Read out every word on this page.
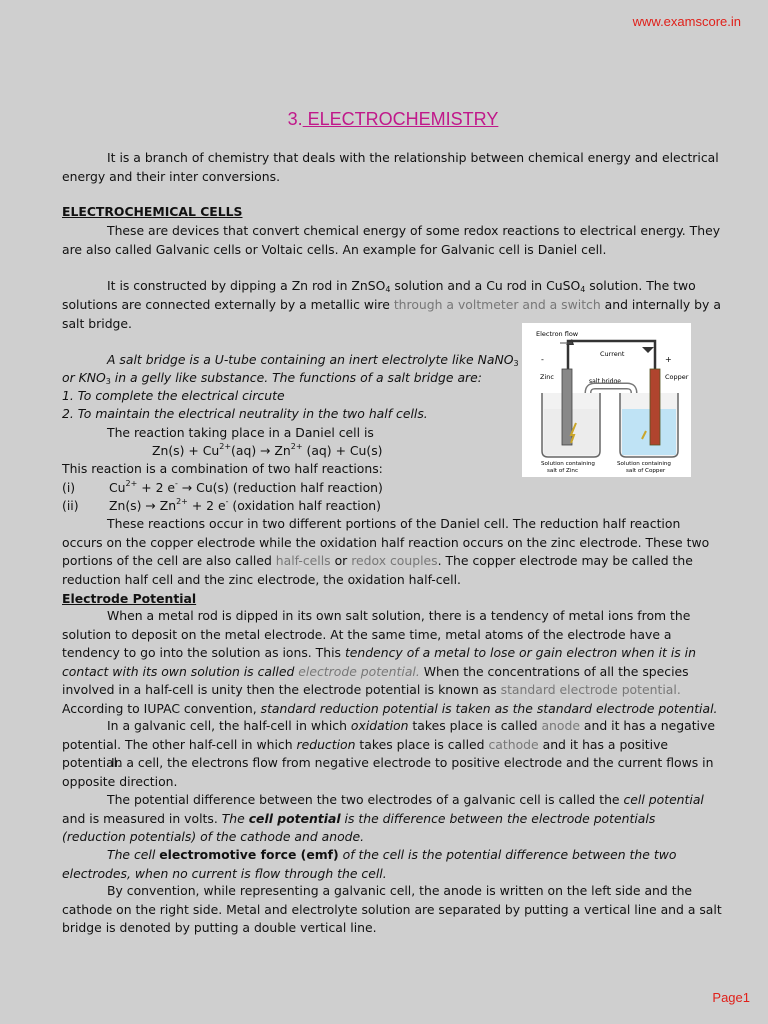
www.examscore.in
3. ELECTROCHEMISTRY
It is a branch of chemistry that deals with the relationship between chemical energy and electrical energy and their inter conversions.
ELECTROCHEMICAL CELLS
These are devices that convert chemical energy of some redox reactions to electrical energy. They are also called Galvanic cells or Voltaic cells. An example for Galvanic cell is Daniel cell.
It is constructed by dipping a Zn rod in ZnSO4 solution and a Cu rod in CuSO4 solution. The two solutions are connected externally by a metallic wire through a voltmeter and a switch and internally by a salt bridge.
Electron flow
Current
Zinc	Copper
salt bridge
-	+
Solution containing
salt of Zinc
Solution containing
salt of Copper
A salt bridge is a U-tube containing an inert electrolyte like NaNO3
or KNO3 in a gelly like substance. The functions of a salt bridge are:
1. To complete the electrical circute
2. To maintain the electrical neutrality in the two half cells.
The reaction taking place in a Daniel cell is
$Zn(s) + Cu^{2+}(aq) \to Zn^{2+}$ (aq) + Cu(s)
This reaction is a combination of two half reactions:
(i)	$Cu^{2+} + 2$ e- → Cu(s) (reduction half reaction)
(ii) $Zn(s) \to Zn^{2+} + 2$ e- (oxidation half reaction)
These reactions occur in two different portions of the Daniel cell. The reduction half reaction occurs on the copper electrode while the oxidation half reaction occurs on the zinc electrode. These two portions of the cell are also called half-cells or redox couples. The copper electrode may be called the reduction half cell and the zinc electrode, the oxidation half-cell.
Electrode Potential
When a metal rod is dipped in its own salt solution, there is a tendency of metal ions from the solution to deposit on the metal electrode. At the same time, metal atoms of the electrode have a tendency to go into the solution as ions. This tendency of a metal to lose or gain electron when it is in contact with its own solution is called electrode potential. When the concentrations of all the species involved in a half-cell is unity then the electrode potential is known as standard electrode potential. According to IUPAC convention, standard reduction potential is taken as the standard electrode potential.
In a galvanic cell, the half-cell in which oxidation takes place is called anode and it has a negative potential. The other half-cell in which reduction takes place is called cathode and it has a positive potential.
In a cell, the electrons flow from negative electrode to positive electrode and the current flows in opposite direction.
The potential difference between the two electrodes of a galvanic cell is called the cell potential and is measured in volts. The cell potential is the difference between the electrode potentials (reduction potentials) of the cathode and anode.
The cell electromotive force (emf) of the cell is the potential difference between the two electrodes, when no current is flow through the cell.
By convention, while representing a galvanic cell, the anode is written on the left side and the cathode on the right side. Metal and electrolyte solution are separated by putting a vertical line and a salt bridge is denoted by putting a double vertical line.
Page1
